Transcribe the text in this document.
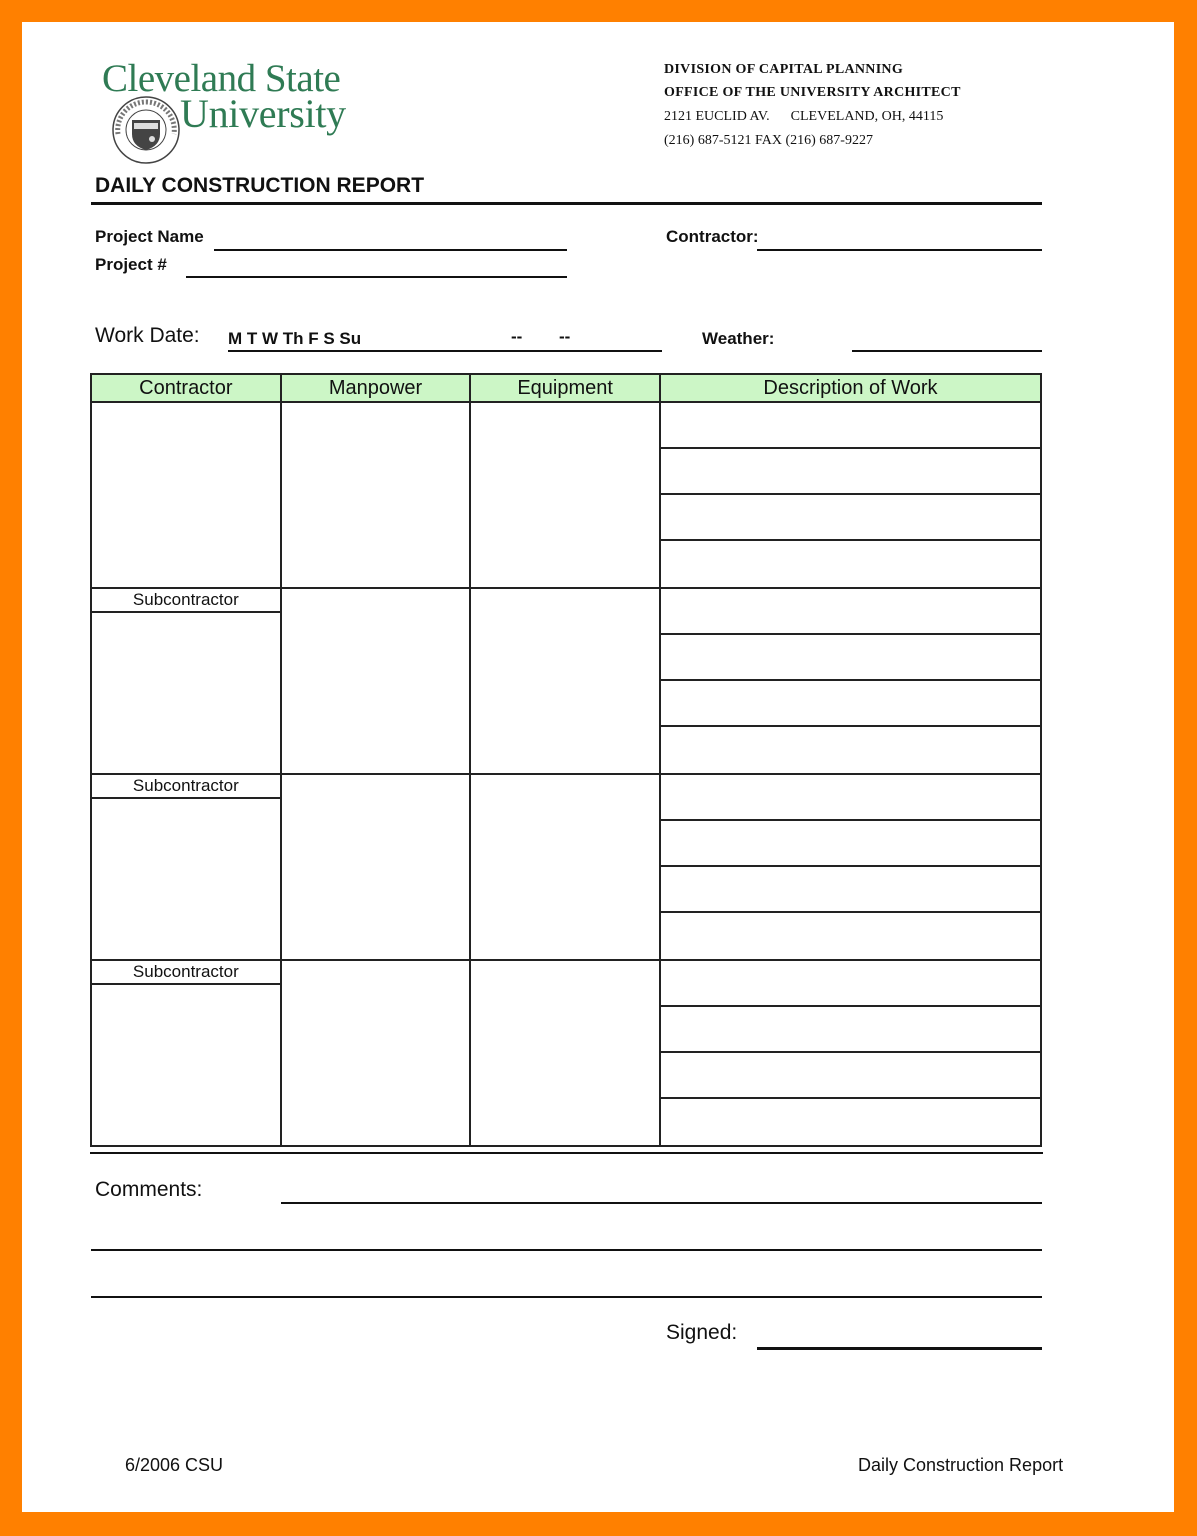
Cleveland State
University
DIVISION OF CAPITAL PLANNING
OFFICE OF THE UNIVERSITY ARCHITECT
2121 EUCLID AV.      CLEVELAND, OH, 44115
(216) 687-5121 FAX (216) 687-9227
DAILY CONSTRUCTION REPORT
Project Name
Project #
Contractor:
Work Date: M T W Th F S Su	-- --	Weather:
Contractor	Manpower	Equipment	Description of Work

Subcontractor			

Subcontractor			

Subcontractor			

Comments:
Signed:
6/2006 CSU	Daily Construction Report
